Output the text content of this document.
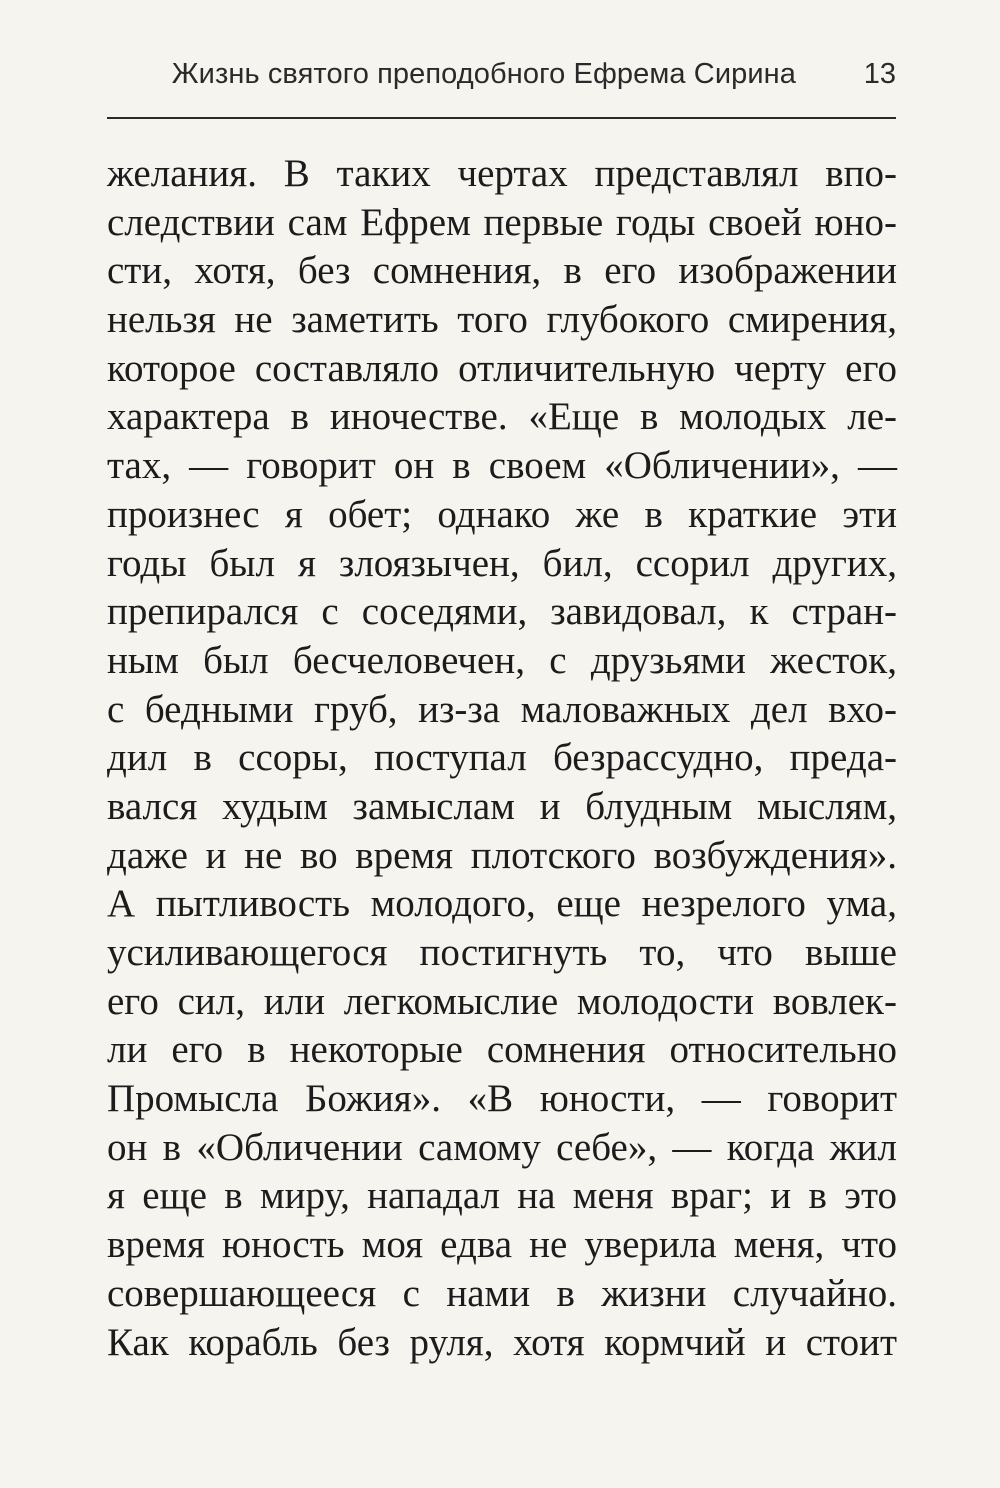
Жизнь святого преподобного Ефрема Сирина 13
желания. В таких чертах представлял впо-
следствии сам Ефрем первые годы своей юно-
сти, хотя, без сомнения, в его изображении
нельзя не заметить того глубокого смирения,
которое составляло отличительную черту его
характера в иночестве. «Еще в молодых ле-
тах, — говорит он в своем «Обличении», —
произнес я обет; однако же в краткие эти
годы был я злоязычен, бил, ссорил других,
препирался с соседями, завидовал, к стран-
ным был бесчеловечен, с друзьями жесток,
с бедными груб, из-за маловажных дел вхо-
дил в ссоры, поступал безрассудно, преда-
вался худым замыслам и блудным мыслям,
даже и не во время плотского возбуждения».
А пытливость молодого, еще незрелого ума,
усиливающегося постигнуть то, что выше
его сил, или легкомыслие молодости вовлек-
ли его в некоторые сомнения относительно
Промысла Божия». «В юности, — говорит
он в «Обличении самому себе», — когда жил
я еще в миру, нападал на меня враг; и в это
время юность моя едва не уверила меня, что
совершающееся с нами в жизни случайно.
Как корабль без руля, хотя кормчий и стоит
